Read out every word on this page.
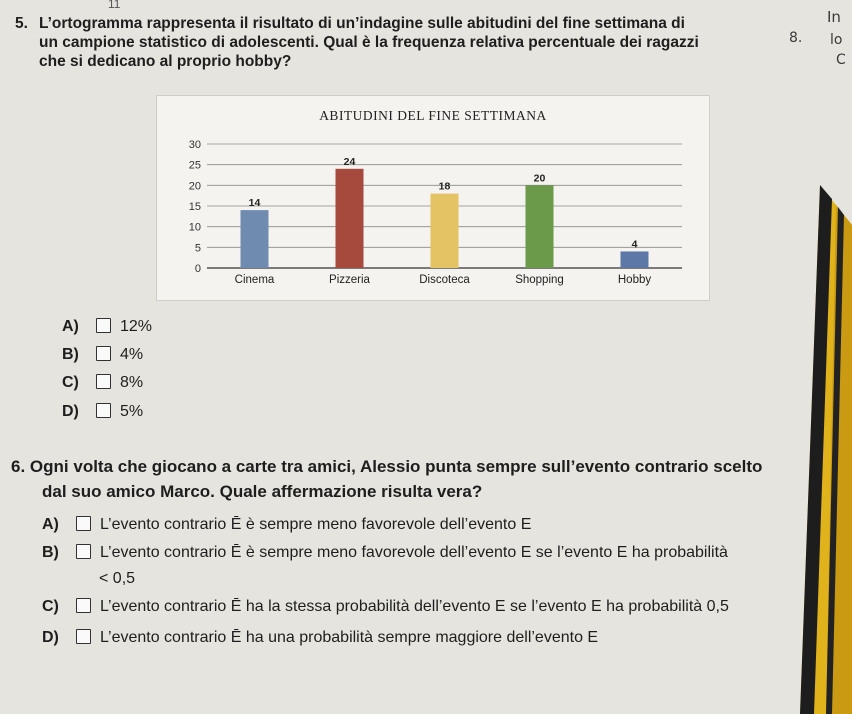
11
8.
In
lo
C
5. L’ortogramma rappresenta il risultato di un’indagine sulle abitudini del fine settimana di
un campione statistico di adolescenti. Qual è la frequenza relativa percentuale dei ragazzi
che si dedicano al proprio hobby?
ABITUDINI DEL FINE SETTIMANA
0
5
10
15
20
25
30
14
24
18
20
4
Cinema	Pizzeria	Discoteca	Shopping	Hobby
A)	12%
B)	4%
C)	8%
D)	5%
6. Ogni volta che giocano a carte tra amici, Alessio punta sempre sull’evento contrario scelto
dal suo amico Marco. Quale affermazione risulta vera?
A)	L’evento contrario Ē è sempre meno favorevole dell’evento E
B)	L’evento contrario Ē è sempre meno favorevole dell’evento E se l’evento E ha probabilità
< 0,5
C)	L’evento contrario Ē ha la stessa probabilità dell’evento E se l’evento E ha probabilità 0,5
D)	L’evento contrario Ē ha una probabilità sempre maggiore dell’evento E
